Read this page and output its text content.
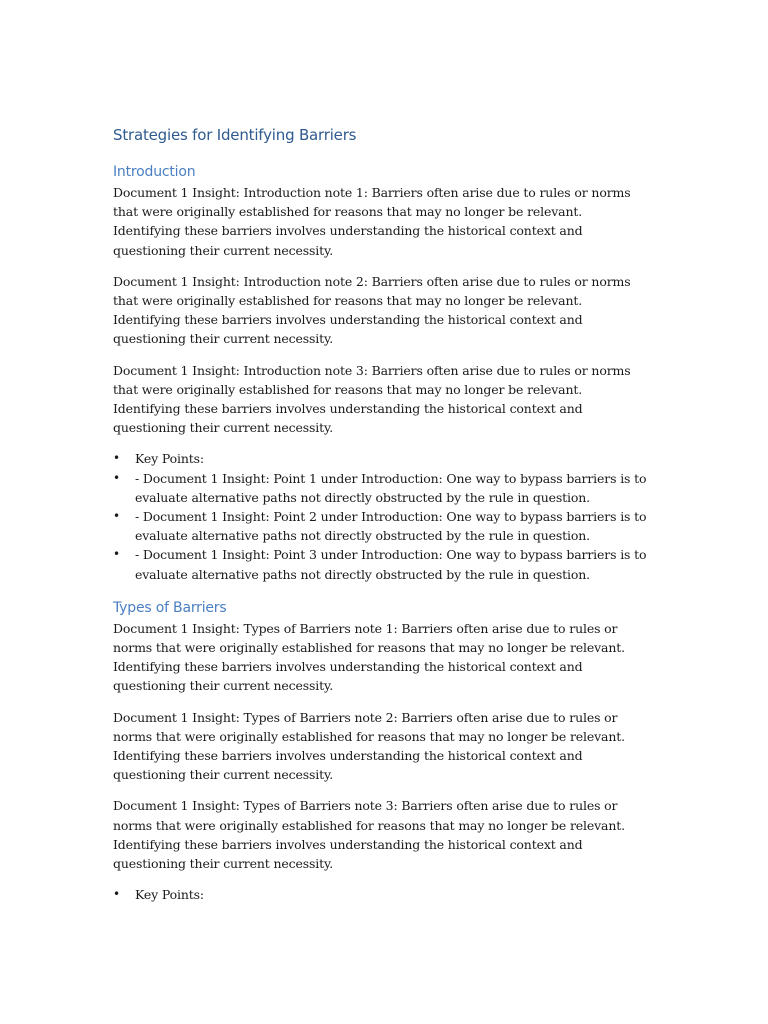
Strategies for Identifying Barriers
Introduction

Document 1 Insight: Introduction note 1: Barriers often arise due to rules or norms that were originally established for reasons that may no longer be relevant. Identifying these barriers involves understanding the historical context and questioning their current necessity.

Document 1 Insight: Introduction note 2: Barriers often arise due to rules or norms that were originally established for reasons that may no longer be relevant. Identifying these barriers involves understanding the historical context and questioning their current necessity.

Document 1 Insight: Introduction note 3: Barriers often arise due to rules or norms that were originally established for reasons that may no longer be relevant. Identifying these barriers involves understanding the historical context and questioning their current necessity.

• Key Points:
• - Document 1 Insight: Point 1 under Introduction: One way to bypass barriers is to evaluate alternative paths not directly obstructed by the rule in question.
• - Document 1 Insight: Point 2 under Introduction: One way to bypass barriers is to evaluate alternative paths not directly obstructed by the rule in question.
• - Document 1 Insight: Point 3 under Introduction: One way to bypass barriers is to evaluate alternative paths not directly obstructed by the rule in question.
Types of Barriers

Document 1 Insight: Types of Barriers note 1: Barriers often arise due to rules or norms that were originally established for reasons that may no longer be relevant. Identifying these barriers involves understanding the historical context and questioning their current necessity.

Document 1 Insight: Types of Barriers note 2: Barriers often arise due to rules or norms that were originally established for reasons that may no longer be relevant. Identifying these barriers involves understanding the historical context and questioning their current necessity.

Document 1 Insight: Types of Barriers note 3: Barriers often arise due to rules or norms that were originally established for reasons that may no longer be relevant. Identifying these barriers involves understanding the historical context and questioning their current necessity.

• Key Points:
